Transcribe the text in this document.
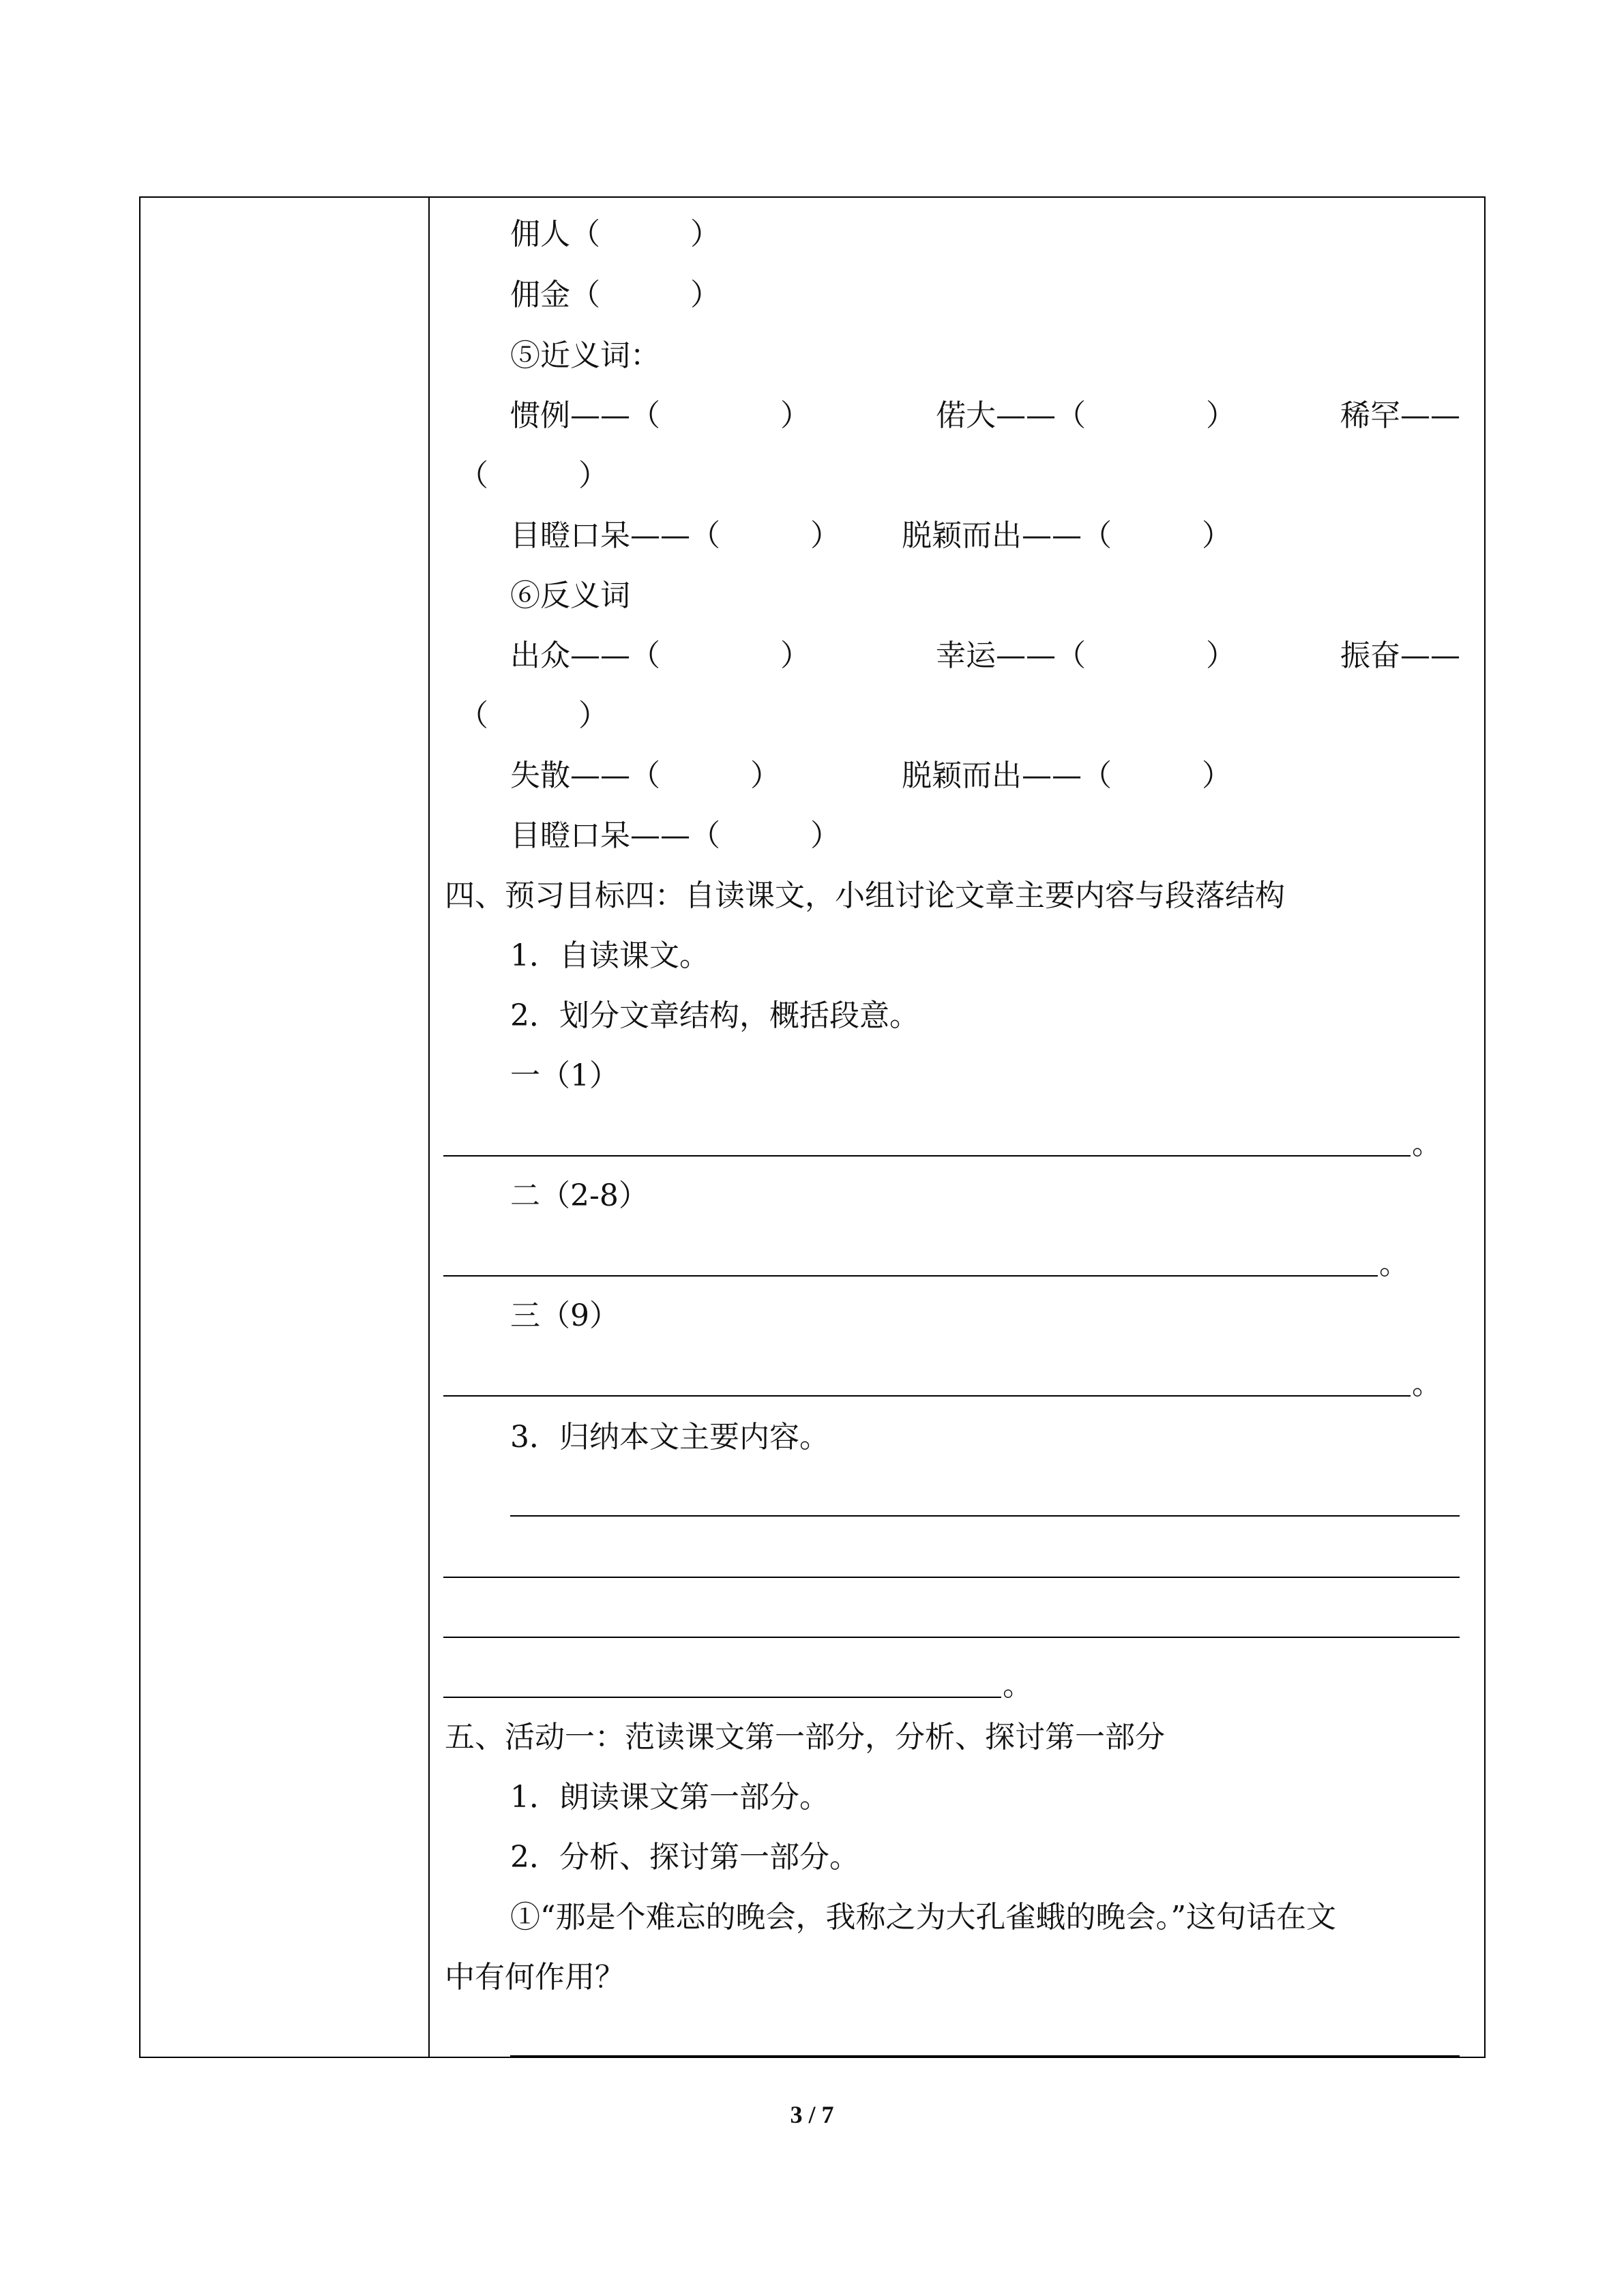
佣人（　　　）
佣金（　　　）
⑤近义词：
惯例——（　　　　）	偌大——（　　　　）	稀罕——
（　　　）
目瞪口呆——（　　　） 脱颖而出——（　　　）
⑥反义词
出众——（　　　　）	幸运——（　　　　）	振奋——
（　　　）
失散——（　　　）	脱颖而出——（　　　）
目瞪口呆——（　　　）
四、预习目标四：自读课文，小组讨论文章主要内容与段落结构
1．自读课文。
2．划分文章结构，概括段意。
一（1）
。
二（2-8）
。
三（9）
。
3．归纳本文主要内容。
。
五、活动一：范读课文第一部分，分析、探讨第一部分
1．朗读课文第一部分。
2．分析、探讨第一部分。
①“那是个难忘的晚会，我称之为大孔雀蛾的晚会。”这句话在文
中有何作用？
3 / 7
